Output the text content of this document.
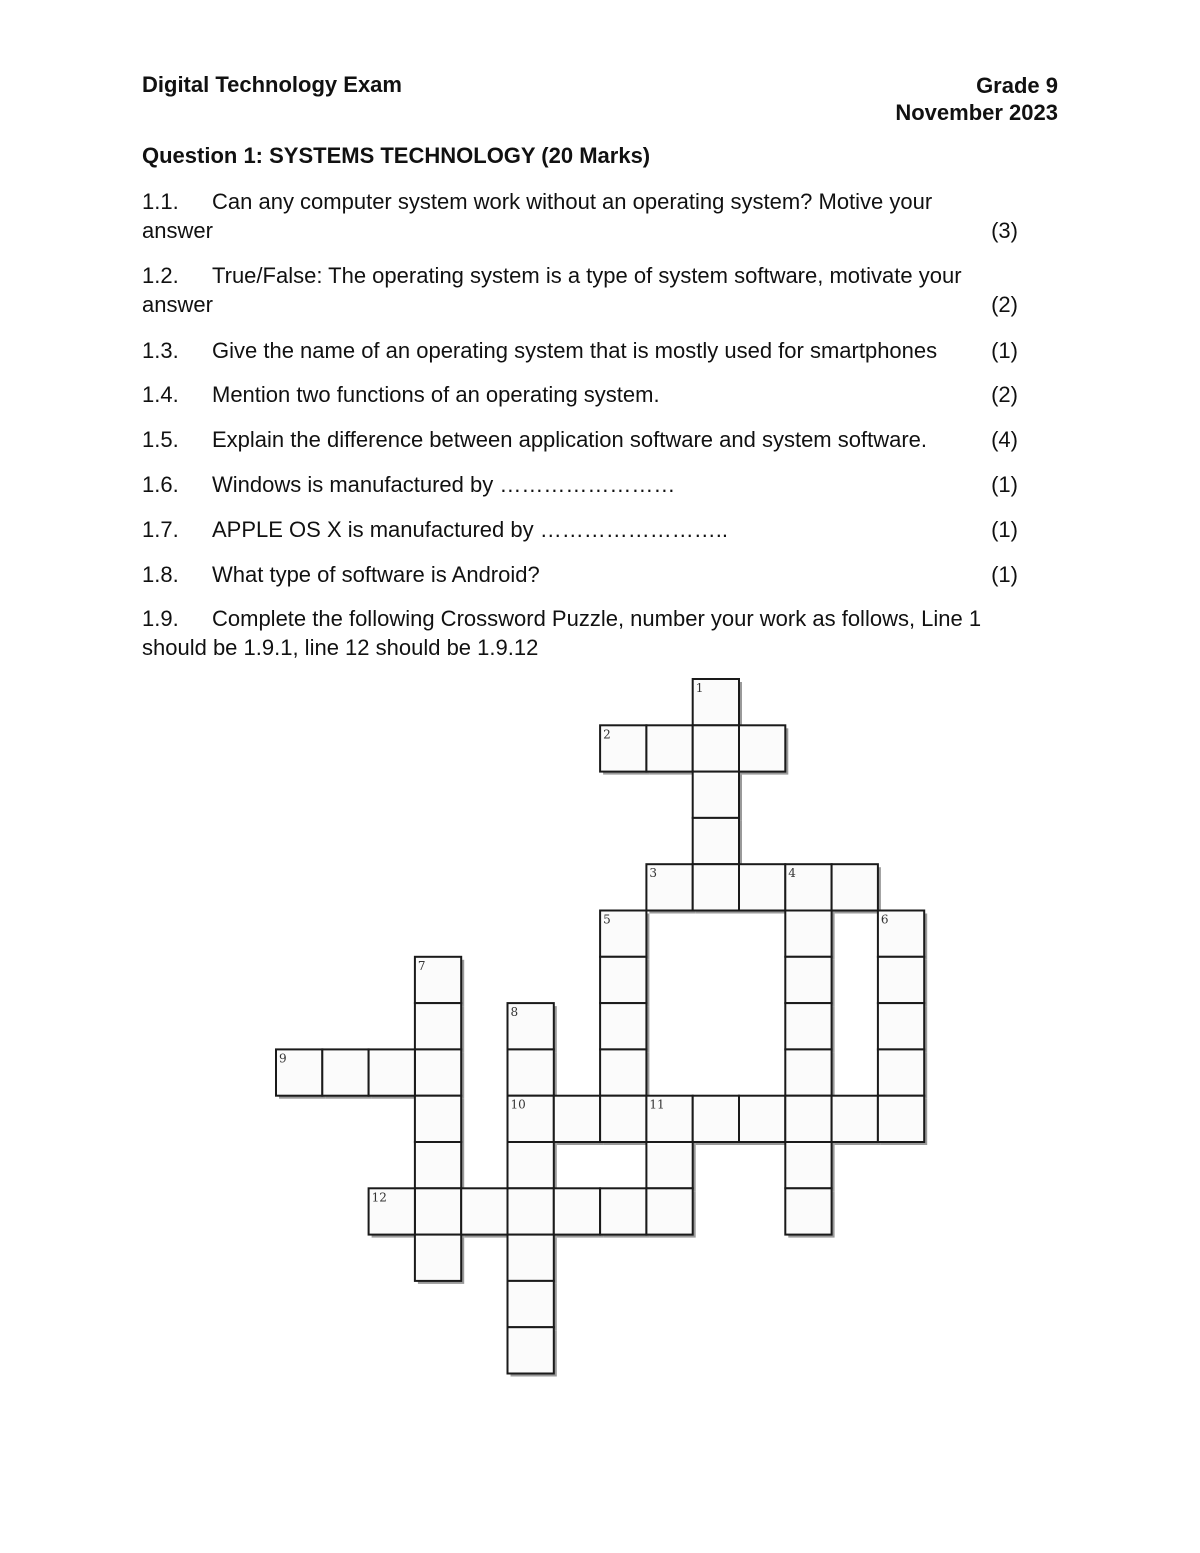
Digital Technology Exam	Grade 9
November 2023
Question 1: SYSTEMS TECHNOLOGY (20 Marks)
1.1. Can any computer system work without an operating system? Motive your
answer	(3)
1.2. True/False: The operating system is a type of system software, motivate your
answer	(2)
1.3. Give the name of an operating system that is mostly used for smartphones (1)
1.4. Mention two functions of an operating system.	(2)
1.5. Explain the difference between application software and system software.	(4)
1.6. Windows is manufactured by ……………………	(1)
1.7. APPLE OS X is manufactured by ……………………..	(1)
1.8. What type of software is Android?	(1)
1.9. Complete the following Crossword Puzzle, number your work as follows, Line 1
should be 1.9.1, line 12 should be 1.9.12
1
2
3	4
5	6
7
8
9
10	11
12
